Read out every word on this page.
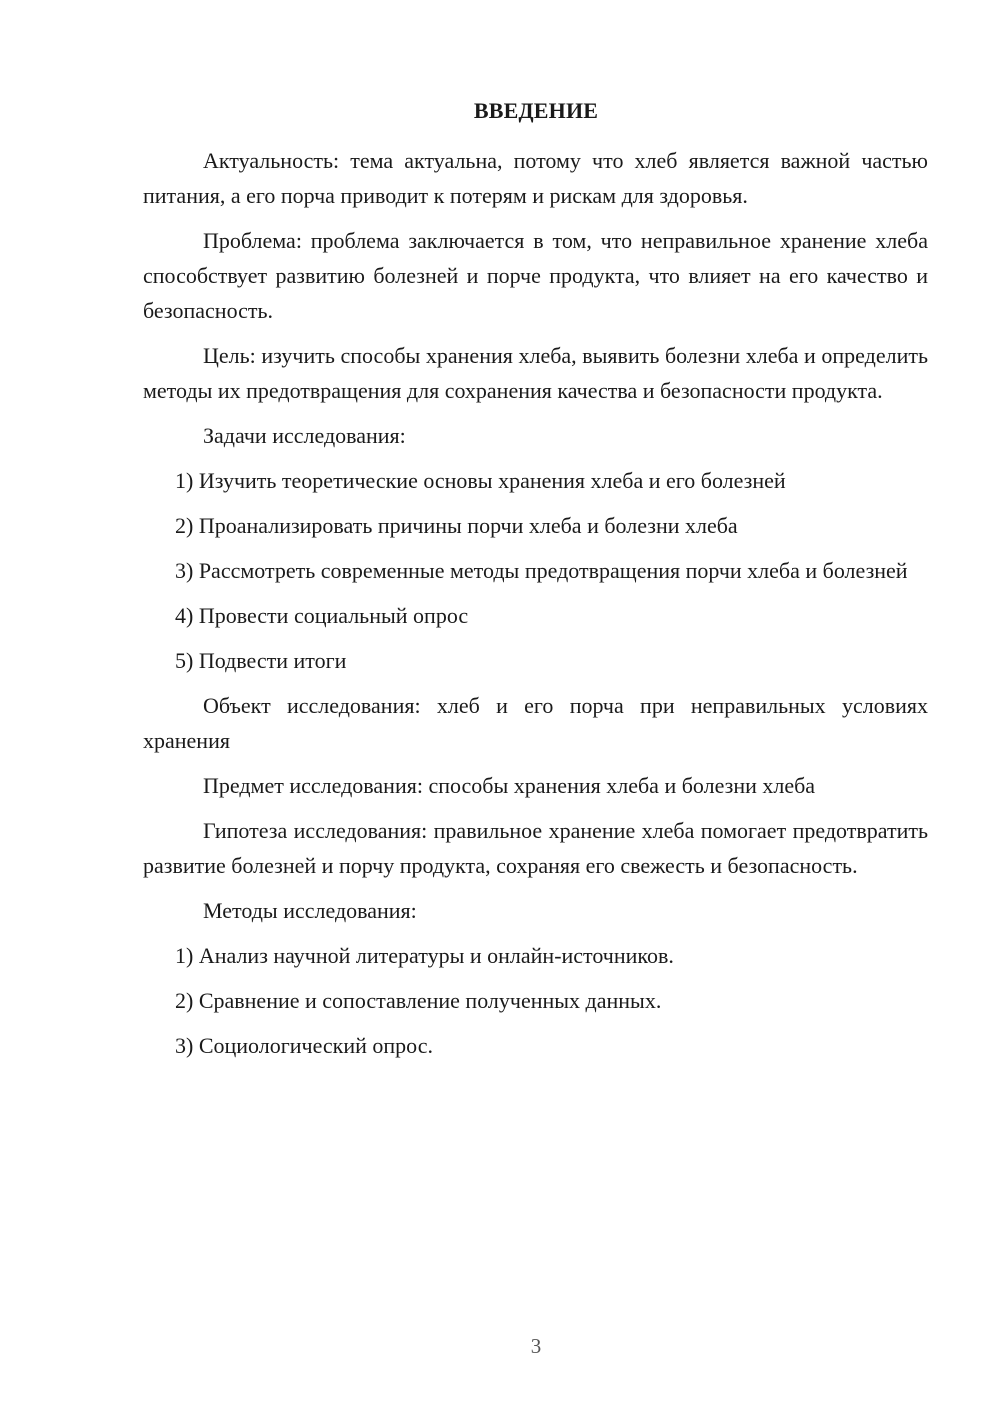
ВВЕДЕНИЕ

Актуальность: тема актуальна, потому что хлеб является важной частью питания, а его порча приводит к потерям и рискам для здоровья.

Проблема: проблема заключается в том, что неправильное хранение хлеба способствует развитию болезней и порче продукта, что влияет на его качество и безопасность.

Цель: изучить способы хранения хлеба, выявить болезни хлеба и определить методы их предотвращения для сохранения качества и безопасности продукта.

Задачи исследования:

1) Изучить теоретические основы хранения хлеба и его болезней

2) Проанализировать причины порчи хлеба и болезни хлеба

3) Рассмотреть современные методы предотвращения порчи хлеба и болезней

4) Провести социальный опрос

5) Подвести итоги

Объект исследования: хлеб и его порча при неправильных условиях хранения

Предмет исследования: способы хранения хлеба и болезни хлеба

Гипотеза исследования: правильное хранение хлеба помогает предотвратить развитие болезней и порчу продукта, сохраняя его свежесть и безопасность.

Методы исследования:

1) Анализ научной литературы и онлайн-источников.

2) Сравнение и сопоставление полученных данных.

3) Социологический опрос.

3
